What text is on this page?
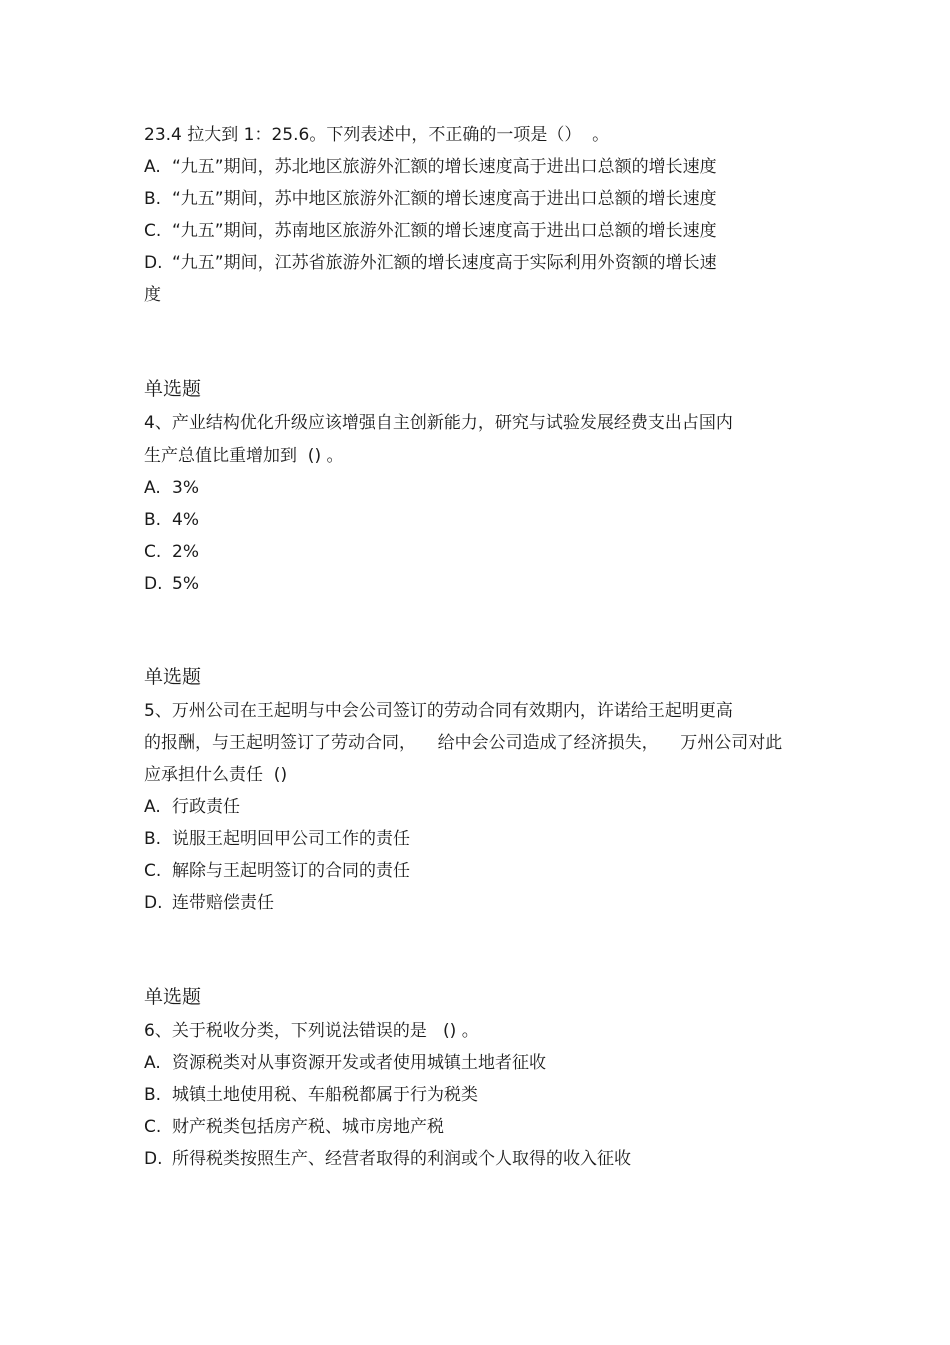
23.4 拉大到 1：25.6。下列表述中，不正确的一项是（）  。
A. “九五”期间，苏北地区旅游外汇额的增长速度高于进出口总额的增长速度
B. “九五”期间，苏中地区旅游外汇额的增长速度高于进出口总额的增长速度
C. “九五”期间，苏南地区旅游外汇额的增长速度高于进出口总额的增长速度
D. “九五”期间，江苏省旅游外汇额的增长速度高于实际利用外资额的增长速
度
单选题
4、产业结构优化升级应该增强自主创新能力，研究与试验发展经费支出占国内
生产总值比重增加到  () 。
A. 3%
B. 4%
C. 2%
D. 5%
单选题
5、万州公司在王起明与中会公司签订的劳动合同有效期内，许诺给王起明更高
的报酬，与王起明签订了劳动合同，    给中会公司造成了经济损失，    万州公司对此
应承担什么责任  ()
A. 行政责任
B. 说服王起明回甲公司工作的责任
C. 解除与王起明签订的合同的责任
D. 连带赔偿责任
单选题
6、关于税收分类，下列说法错误的是   () 。
A. 资源税类对从事资源开发或者使用城镇土地者征收
B. 城镇土地使用税、车船税都属于行为税类
C. 财产税类包括房产税、城市房地产税
D. 所得税类按照生产、经营者取得的利润或个人取得的收入征收
